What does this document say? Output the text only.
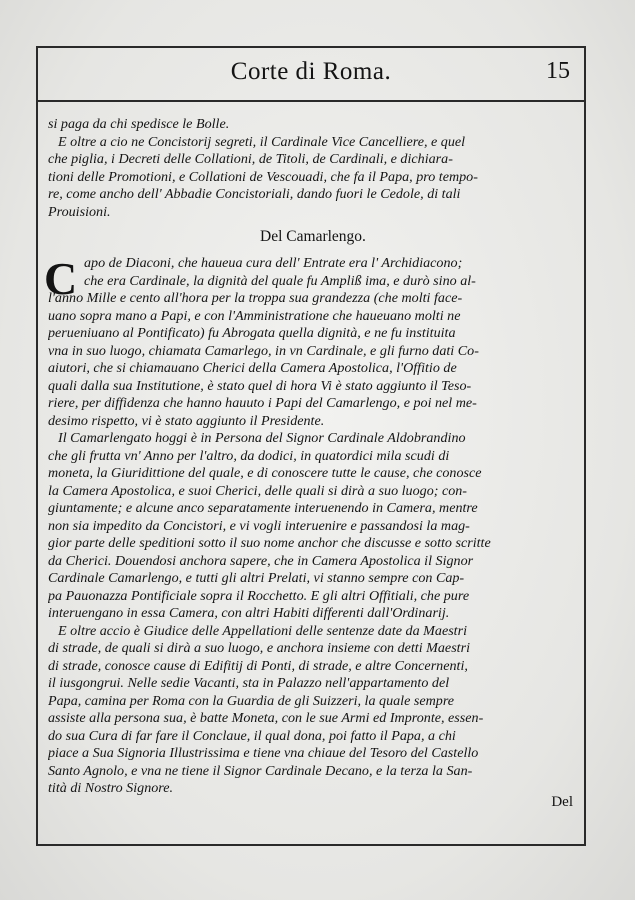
Corte di Roma.	15
si paga da chi spedisce le Bolle.
E oltre a cio ne Concistorij segreti, il Cardinale Vice Cancelliere, e quel
che piglia, i Decreti delle Collationi, de Titoli, de Cardinali, e dichiara-
tioni delle Promotioni, e Collationi de Vescouadi, che fa il Papa, pro tempo-
re, come ancho dell' Abbadie Concistoriali, dando fuori le Cedole, di tali
Prouisioni.
Del Camarlengo.
C apo de Diaconi, che haueua cura dell' Entrate era l' Archidiacono;
che era Cardinale, la dignità del quale fu Ampliß ima, e durò sino al-
l'anno Mille e cento all'hora per la troppa sua grandezza (che molti face-
uano sopra mano a Papi, e con l'Amministratione che haueuano molti ne
perueniuano al Pontificato) fu Abrogata quella dignità, e ne fu instituita
vna in suo luogo, chiamata Camarlego, in vn Cardinale, e gli furno dati Co-
aiutori, che si chiamauano Cherici della Camera Apostolica, l'Offitio de
quali dalla sua Institutione, è stato quel di hora Vi è stato aggiunto il Teso-
riere, per diffidenza che hanno hauuto i Papi del Camarlengo, e poi nel me-
desimo rispetto, vi è stato aggiunto il Presidente.
Il Camarlengato hoggi è in Persona del Signor Cardinale Aldobrandino
che gli frutta vn' Anno per l'altro, da dodici, in quatordici mila scudi di
moneta, la Giuridittione del quale, e di conoscere tutte le cause, che conosce
la Camera Apostolica, e suoi Cherici, delle quali si dirà a suo luogo; con-
giuntamente; e alcune anco separatamente interuenendo in Camera, mentre
non sia impedito da Concistori, e vi vogli interuenire e passandosi la mag-
gior parte delle speditioni sotto il suo nome anchor che discusse e sotto scritte
da Cherici. Douendosi anchora sapere, che in Camera Apostolica il Signor
Cardinale Camarlengo, e tutti gli altri Prelati, vi stanno sempre con Cap-
pa Pauonazza Pontificiale sopra il Rocchetto. E gli altri Offitiali, che pure
interuengano in essa Camera, con altri Habiti differenti dall'Ordinarij.
E oltre accio è Giudice delle Appellationi delle sentenze date da Maestri
di strade, de quali si dirà a suo luogo, e anchora insieme con detti Maestri
di strade, conosce cause di Edifitij di Ponti, di strade, e altre Concernenti,
il iusgongrui. Nelle sedie Vacanti, sta in Palazzo nell'appartamento del
Papa, camina per Roma con la Guardia de gli Suizzeri, la quale sempre
assiste alla persona sua, è batte Moneta, con le sue Armi ed Impronte, essen-
do sua Cura di far fare il Conclaue, il qual dona, poi fatto il Papa, a chi
piace a Sua Signoria Illustrissima e tiene vna chiaue del Tesoro del Castello
Santo Agnolo, e vna ne tiene il Signor Cardinale Decano, e la terza la San-
tità di Nostro Signore.
Del
